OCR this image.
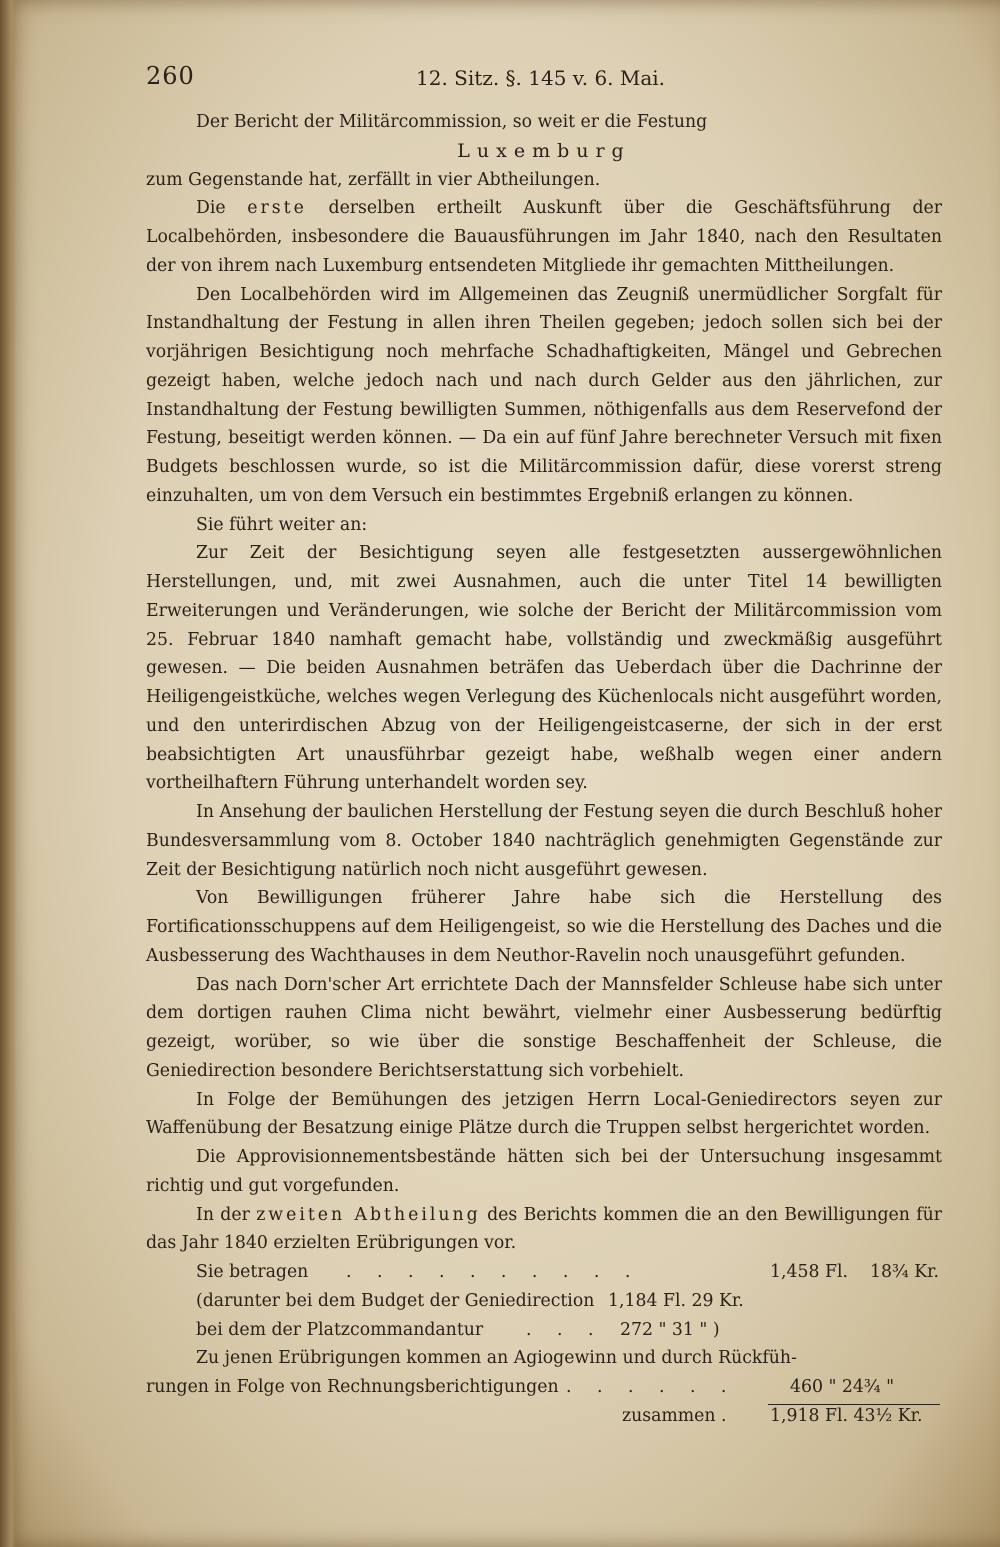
260	12. Sitz. §. 145 v. 6. Mai.

Der Bericht der Militärcommission, so weit er die Festung

Luxemburg

zum Gegenstande hat, zerfällt in vier Abtheilungen.

Die erste derselben ertheilt Auskunft über die Geschäftsführung der Localbehörden, insbesondere die Bauausführungen im Jahr 1840, nach den Resultaten der von ihrem nach Luxemburg entsendeten Mitgliede ihr gemachten Mittheilungen.

Den Localbehörden wird im Allgemeinen das Zeugniß unermüdlicher Sorgfalt für Instandhaltung der Festung in allen ihren Theilen gegeben; jedoch sollen sich bei der vorjährigen Besichtigung noch mehrfache Schadhaftigkeiten, Mängel und Gebrechen gezeigt haben, welche jedoch nach und nach durch Gelder aus den jährlichen, zur Instandhaltung der Festung bewilligten Summen, nöthigenfalls aus dem Reservefond der Festung, beseitigt werden können. — Da ein auf fünf Jahre berechneter Versuch mit fixen Budgets beschlossen wurde, so ist die Militärcommission dafür, diese vorerst streng einzuhalten, um von dem Versuch ein bestimmtes Ergebniß erlangen zu können.

Sie führt weiter an:

Zur Zeit der Besichtigung seyen alle festgesetzten aussergewöhnlichen Herstellungen, und, mit zwei Ausnahmen, auch die unter Titel 14 bewilligten Erweiterungen und Veränderungen, wie solche der Bericht der Militärcommission vom 25. Februar 1840 namhaft gemacht habe, vollständig und zweckmäßig ausgeführt gewesen. — Die beiden Ausnahmen beträfen das Ueberdach über die Dachrinne der Heiligengeistküche, welches wegen Verlegung des Küchenlocals nicht ausgeführt worden, und den unterirdischen Abzug von der Heiligengeistcaserne, der sich in der erst beabsichtigten Art unausführbar gezeigt habe, weßhalb wegen einer andern vortheilhaftern Führung unterhandelt worden sey.

In Ansehung der baulichen Herstellung der Festung seyen die durch Beschluß hoher Bundesversammlung vom 8. October 1840 nachträglich genehmigten Gegenstände zur Zeit der Besichtigung natürlich noch nicht ausgeführt gewesen.

Von Bewilligungen früherer Jahre habe sich die Herstellung des Fortificationsschuppens auf dem Heiligengeist, so wie die Herstellung des Daches und die Ausbesserung des Wachthauses in dem Neuthor-Ravelin noch unausgeführt gefunden.

Das nach Dorn'scher Art errichtete Dach der Mannsfelder Schleuse habe sich unter dem dortigen rauhen Clima nicht bewährt, vielmehr einer Ausbesserung bedürftig gezeigt, worüber, so wie über die sonstige Beschaffenheit der Schleuse, die Geniedirection besondere Berichtserstattung sich vorbehielt.

In Folge der Bemühungen des jetzigen Herrn Local-Geniedirectors seyen zur Waffenübung der Besatzung einige Plätze durch die Truppen selbst hergerichtet worden.

Die Approvisionnementsbestände hätten sich bei der Untersuchung insgesammt richtig und gut vorgefunden.

In der zweiten Abtheilung des Berichts kommen die an den Bewilligungen für das Jahr 1840 erzielten Erübrigungen vor.

Sie betragen . . . . . . . . . .	1,458 Fl. 18¾ Kr.
(darunter bei dem Budget der Geniedirection 1,184 Fl. 29 Kr.
bei dem der Platzcommandantur . . . 272 " 31 " )
Zu jenen Erübrigungen kommen an Agiogewinn und durch Rückfüh-
rungen in Folge von Rechnungsberichtigungen . . . . . .	460 " 24¾ "
zusammen .	1,918 Fl. 43½ Kr.
